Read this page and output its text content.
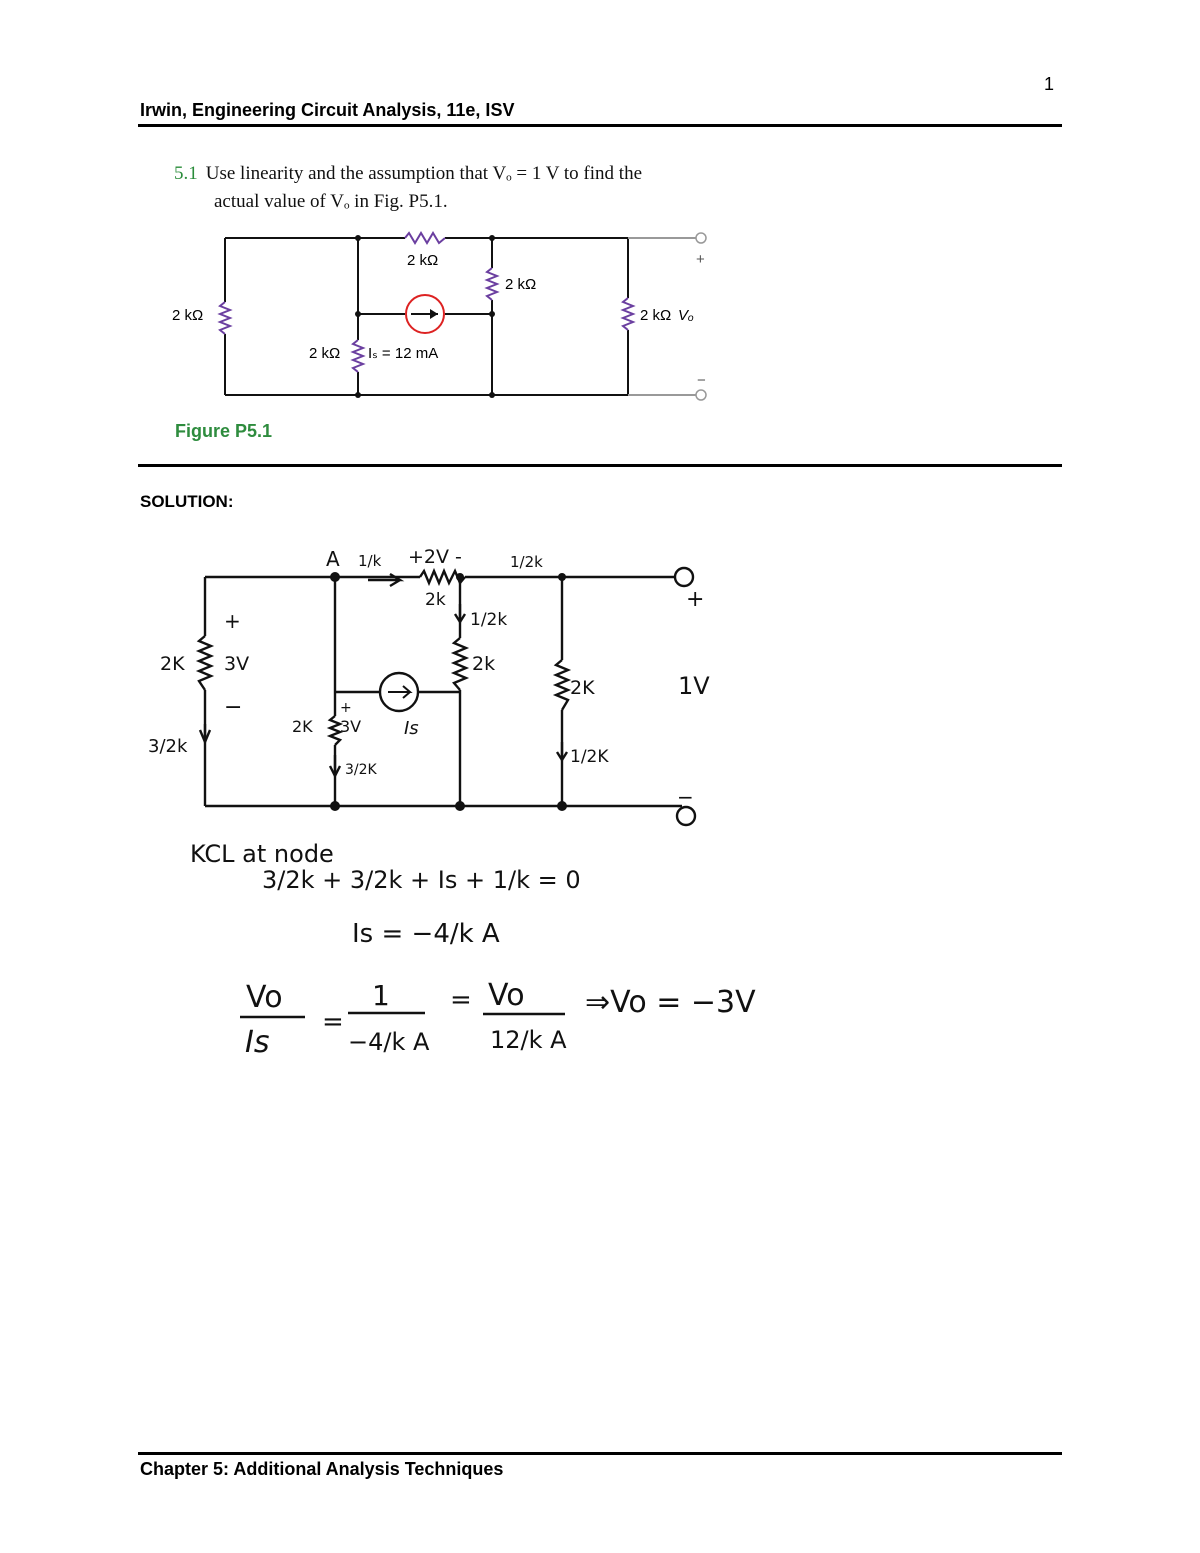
1
Irwin, Engineering Circuit Analysis, 11e, ISV
5.1 Use linearity and the assumption that Vₒ = 1 V to find the
actual value of Vₒ in Fig. P5.1.
2 kΩ
2 kΩ
2 kΩ	2 kΩ Vₒ
2 kΩ Iₛ = 12 mA
+
−
Figure P5.1
SOLUTION:
A 1/k +2V -	1/2k
2k
1/2k
2k
2K
1/2K
2K 3V
+
−
3/2k
2K 3V
+
3/2K
Is
+
1V
−
KCL at node
3/2k + 3/2k + Is + 1/k = 0
Is = −4/k A
Vo
Is
=
1
−4/k A
= Vo
12/k A
⇒Vo = −3V
Chapter 5: Additional Analysis Techniques
